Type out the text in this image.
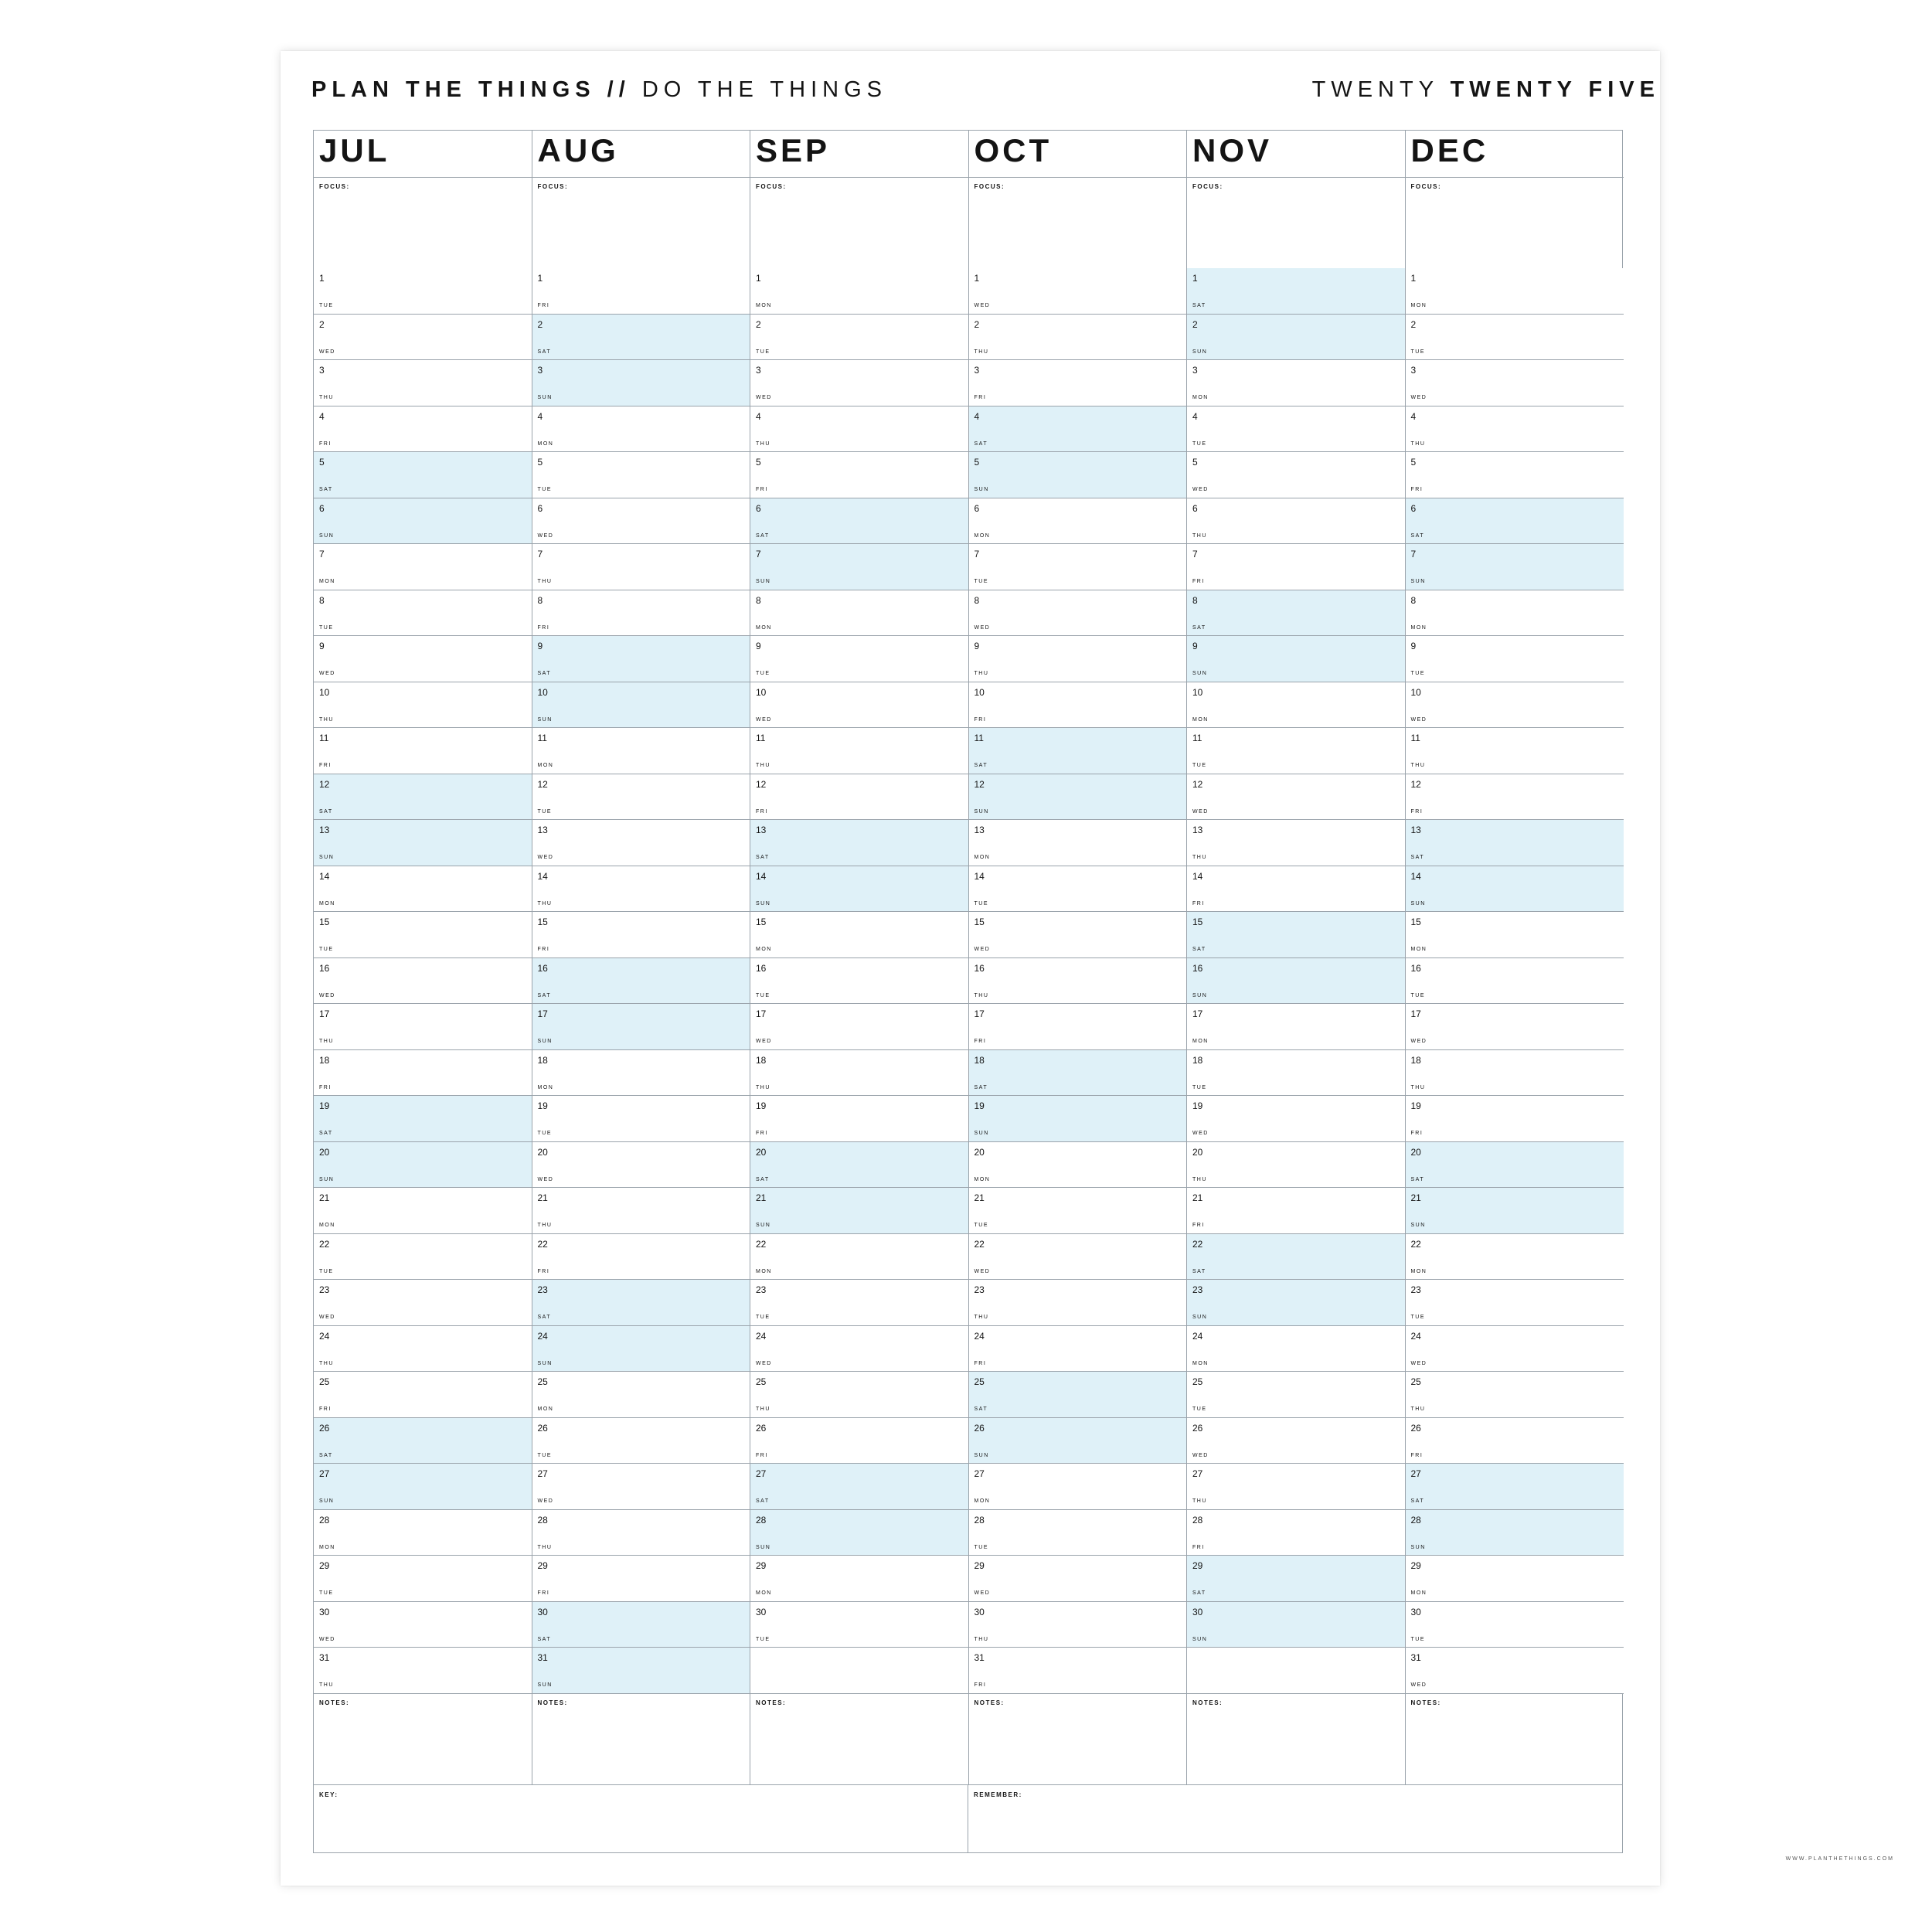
PLAN THE THINGS // DO THE THINGS	TWENTY TWENTY FIVE
JUL
FOCUS:
1
TUE
2
WED
3
THU
4
FRI
5
SAT
6
SUN
7
MON
8
TUE
9
WED
10
THU
11
FRI
12
SAT
13
SUN
14
MON
15
TUE
16
WED
17
THU
18
FRI
19
SAT
20
SUN
21
MON
22
TUE
23
WED
24
THU
25
FRI
26
SAT
27
SUN
28
MON
29
TUE
30
WED
31
THU
NOTES:
AUG
FOCUS:
1
FRI
2
SAT
3
SUN
4
MON
5
TUE
6
WED
7
THU
8
FRI
9
SAT
10
SUN
11
MON
12
TUE
13
WED
14
THU
15
FRI
16
SAT
17
SUN
18
MON
19
TUE
20
WED
21
THU
22
FRI
23
SAT
24
SUN
25
MON
26
TUE
27
WED
28
THU
29
FRI
30
SAT
31
SUN
NOTES:
SEP
FOCUS:
1
MON
2
TUE
3
WED
4
THU
5
FRI
6
SAT
7
SUN
8
MON
9
TUE
10
WED
11
THU
12
FRI
13
SAT
14
SUN
15
MON
16
TUE
17
WED
18
THU
19
FRI
20
SAT
21
SUN
22
MON
23
TUE
24
WED
25
THU
26
FRI
27
SAT
28
SUN
29
MON
30
TUE
NOTES:
OCT
FOCUS:
1
WED
2
THU
3
FRI
4
SAT
5
SUN
6
MON
7
TUE
8
WED
9
THU
10
FRI
11
SAT
12
SUN
13
MON
14
TUE
15
WED
16
THU
17
FRI
18
SAT
19
SUN
20
MON
21
TUE
22
WED
23
THU
24
FRI
25
SAT
26
SUN
27
MON
28
TUE
29
WED
30
THU
31
FRI
NOTES:
NOV
FOCUS:
1
SAT
2
SUN
3
MON
4
TUE
5
WED
6
THU
7
FRI
8
SAT
9
SUN
10
MON
11
TUE
12
WED
13
THU
14
FRI
15
SAT
16
SUN
17
MON
18
TUE
19
WED
20
THU
21
FRI
22
SAT
23
SUN
24
MON
25
TUE
26
WED
27
THU
28
FRI
29
SAT
30
SUN
NOTES:
DEC
FOCUS:
1
MON
2
TUE
3
WED
4
THU
5
FRI
6
SAT
7
SUN
8
MON
9
TUE
10
WED
11
THU
12
FRI
13
SAT
14
SUN
15
MON
16
TUE
17
WED
18
THU
19
FRI
20
SAT
21
SUN
22
MON
23
TUE
24
WED
25
THU
26
FRI
27
SAT
28
SUN
29
MON
30
TUE
31
WED
NOTES:
KEY:	REMEMBER:
WWW.PLANTHETHINGS.COM
